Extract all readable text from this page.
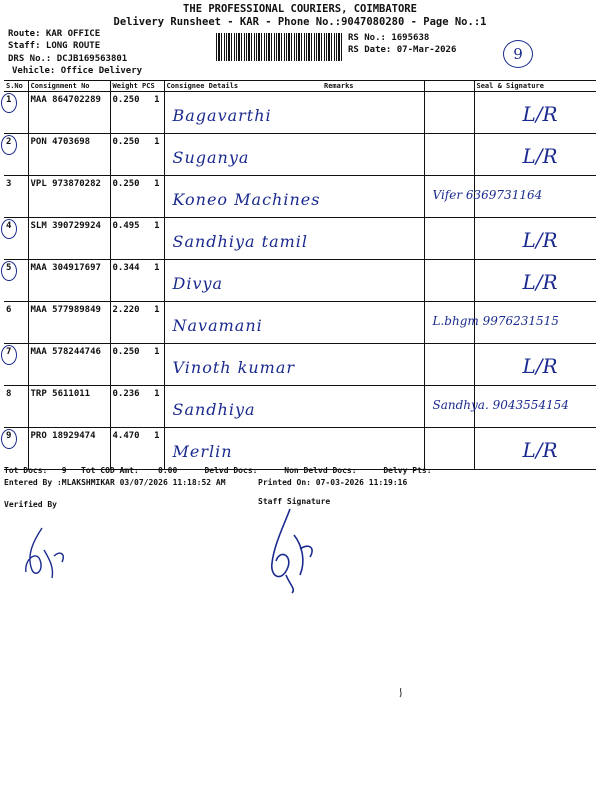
THE PROFESSIONAL COURIERS, COIMBATORE
Delivery Runsheet - KAR - Phone No.:9047080280 - Page No.:1
Route: KAR OFFICE
Staff: LONG ROUTE
DRS No.: DCJB169563801
Vehicle: Office Delivery
RS No.: 1695638
RS Date: 07-Mar-2026	9
S.No	Consignment No	Weight PCS	Consignee Details Remarks		Seal & Signature

1	MAA 864702289	0.250 1	Bagavarthi		L/R

2	PON 4703698	0.250 1	Suganya		L/R

3	VPL 973870282	0.250 1	Koneo Machines		Vifer 6369731164

4	SLM 390729924	0.495 1	Sandhiya tamil		L/R

5	MAA 304917697	0.344 1	Divya		L/R

6	MAA 577989849	2.220 1	Navamani		L.bhgm 9976231515

7	MAA 578244746	0.250 1	Vinoth kumar		L/R

8	TRP 5611011	0.236 1	Sandhiya		Sandhya. 9043554154

9	PRO 18929474	4.470 1	Merlin		L/R
Tot Docs: 9 Tot COD Amt: 0.00	Delvd Docs:	Non Delvd Docs:	Delvy Pts:
Entered By :MLAKSHMIKAR 03/07/2026 11:18:52 AM	Printed On: 07-03-2026 11:19:16
Verified By	Staff Signature
